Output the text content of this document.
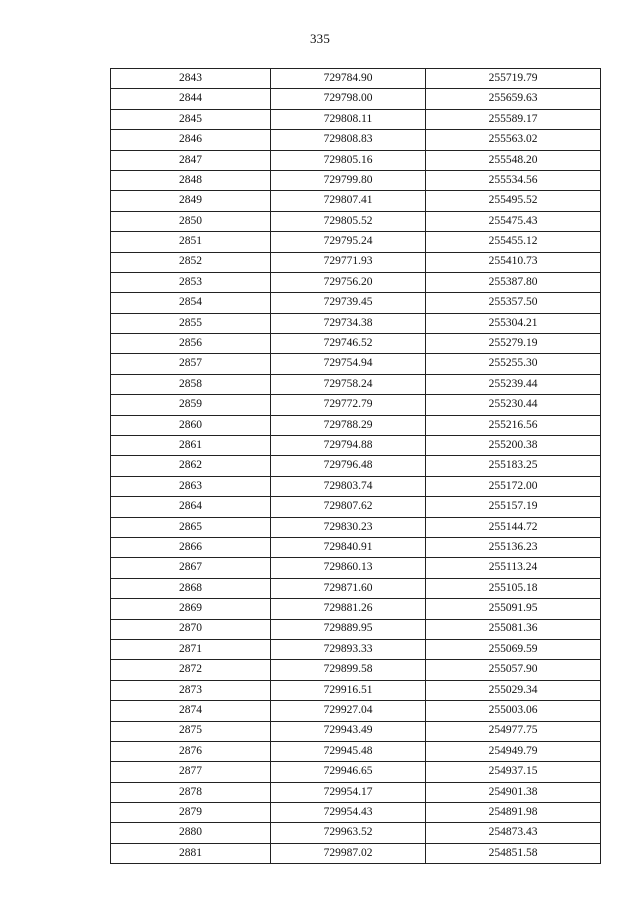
335
2843	729784.90	255719.79
2844	729798.00	255659.63
2845	729808.11	255589.17
2846	729808.83	255563.02
2847	729805.16	255548.20
2848	729799.80	255534.56
2849	729807.41	255495.52
2850	729805.52	255475.43
2851	729795.24	255455.12
2852	729771.93	255410.73
2853	729756.20	255387.80
2854	729739.45	255357.50
2855	729734.38	255304.21
2856	729746.52	255279.19
2857	729754.94	255255.30
2858	729758.24	255239.44
2859	729772.79	255230.44
2860	729788.29	255216.56
2861	729794.88	255200.38
2862	729796.48	255183.25
2863	729803.74	255172.00
2864	729807.62	255157.19
2865	729830.23	255144.72
2866	729840.91	255136.23
2867	729860.13	255113.24
2868	729871.60	255105.18
2869	729881.26	255091.95
2870	729889.95	255081.36
2871	729893.33	255069.59
2872	729899.58	255057.90
2873	729916.51	255029.34
2874	729927.04	255003.06
2875	729943.49	254977.75
2876	729945.48	254949.79
2877	729946.65	254937.15
2878	729954.17	254901.38
2879	729954.43	254891.98
2880	729963.52	254873.43
2881	729987.02	254851.58
